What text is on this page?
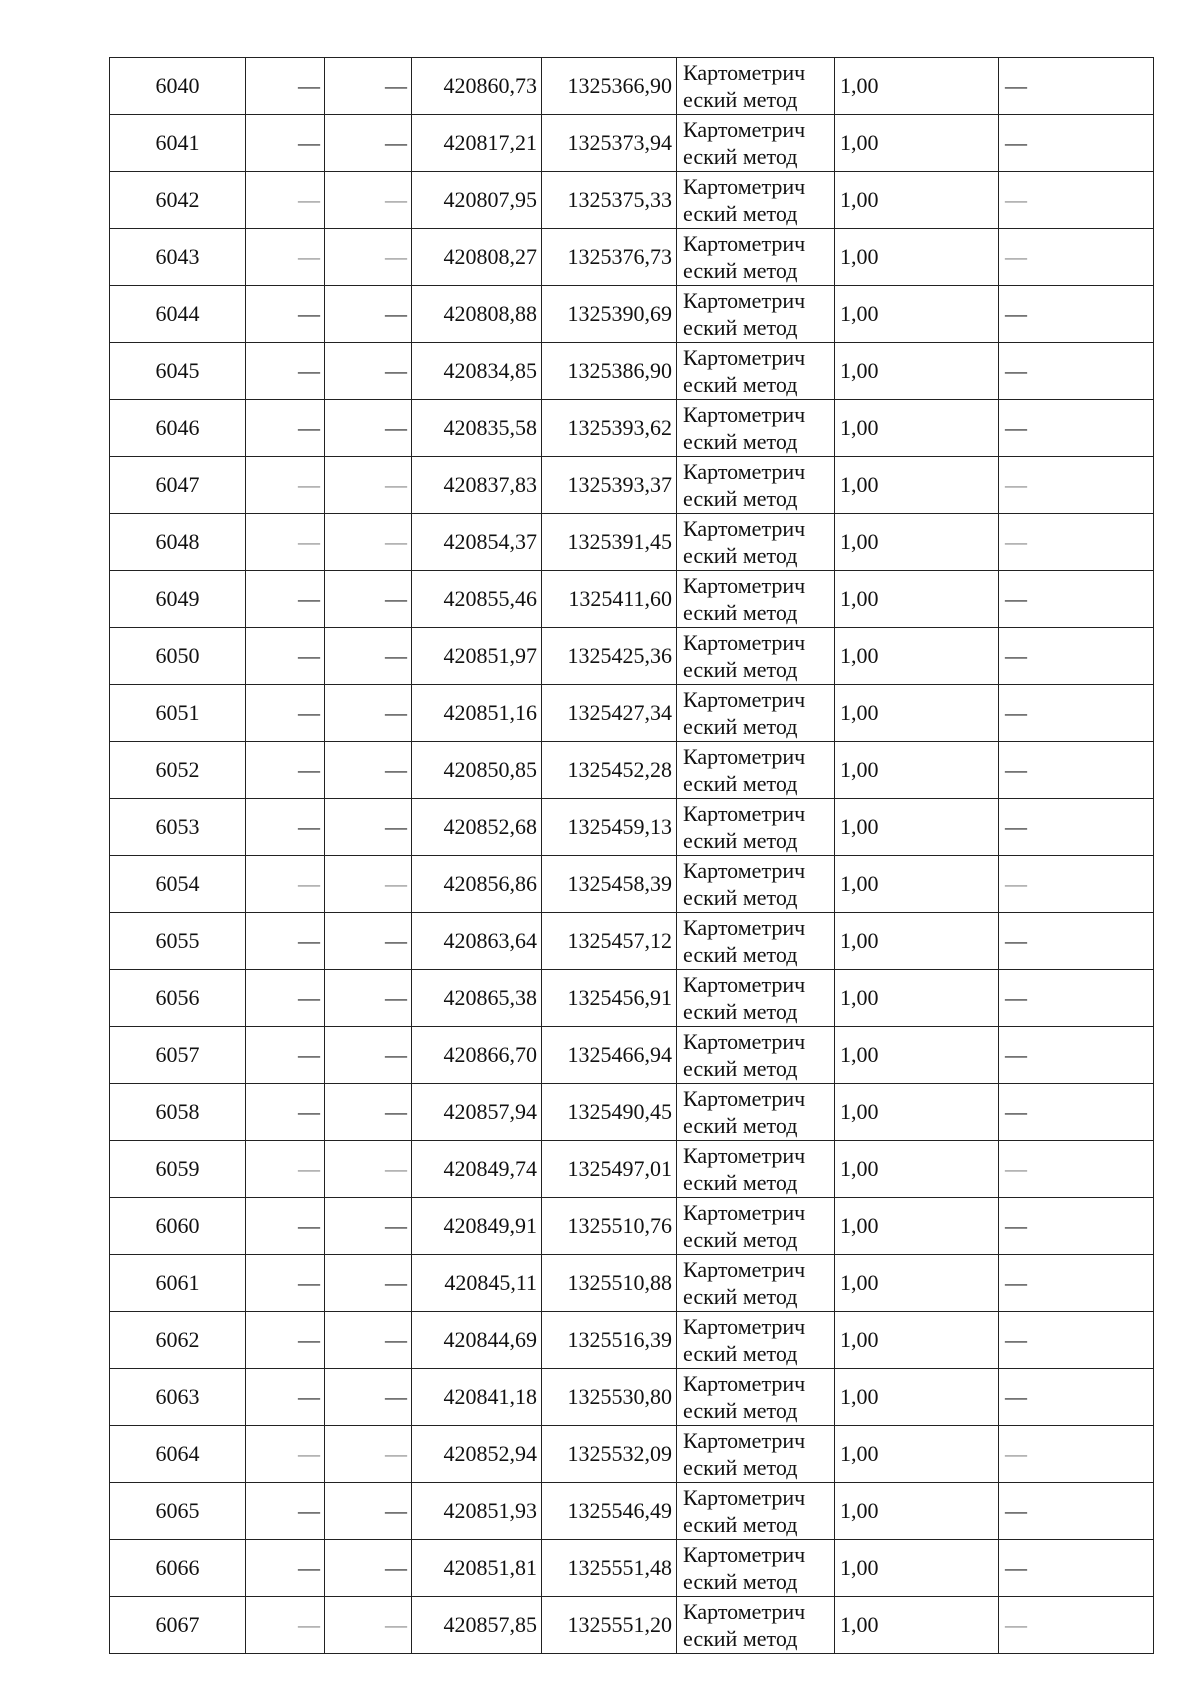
6040	—	—	420860,73	1325366,90	Картометрич
еский метод	1,00	—
6041	—	—	420817,21	1325373,94	Картометрич
еский метод	1,00	—
6042	—	—	420807,95	1325375,33	Картометрич
еский метод	1,00	—
6043	—	—	420808,27	1325376,73	Картометрич
еский метод	1,00	—
6044	—	—	420808,88	1325390,69	Картометрич
еский метод	1,00	—
6045	—	—	420834,85	1325386,90	Картометрич
еский метод	1,00	—
6046	—	—	420835,58	1325393,62	Картометрич
еский метод	1,00	—
6047	—	—	420837,83	1325393,37	Картометрич
еский метод	1,00	—
6048	—	—	420854,37	1325391,45	Картометрич
еский метод	1,00	—
6049	—	—	420855,46	1325411,60	Картометрич
еский метод	1,00	—
6050	—	—	420851,97	1325425,36	Картометрич
еский метод	1,00	—
6051	—	—	420851,16	1325427,34	Картометрич
еский метод	1,00	—
6052	—	—	420850,85	1325452,28	Картометрич
еский метод	1,00	—
6053	—	—	420852,68	1325459,13	Картометрич
еский метод	1,00	—
6054	—	—	420856,86	1325458,39	Картометрич
еский метод	1,00	—
6055	—	—	420863,64	1325457,12	Картометрич
еский метод	1,00	—
6056	—	—	420865,38	1325456,91	Картометрич
еский метод	1,00	—
6057	—	—	420866,70	1325466,94	Картометрич
еский метод	1,00	—
6058	—	—	420857,94	1325490,45	Картометрич
еский метод	1,00	—
6059	—	—	420849,74	1325497,01	Картометрич
еский метод	1,00	—
6060	—	—	420849,91	1325510,76	Картометрич
еский метод	1,00	—
6061	—	—	420845,11	1325510,88	Картометрич
еский метод	1,00	—
6062	—	—	420844,69	1325516,39	Картометрич
еский метод	1,00	—
6063	—	—	420841,18	1325530,80	Картометрич
еский метод	1,00	—
6064	—	—	420852,94	1325532,09	Картометрич
еский метод	1,00	—
6065	—	—	420851,93	1325546,49	Картометрич
еский метод	1,00	—
6066	—	—	420851,81	1325551,48	Картометрич
еский метод	1,00	—
6067	—	—	420857,85	1325551,20	Картометрич
еский метод	1,00	—
